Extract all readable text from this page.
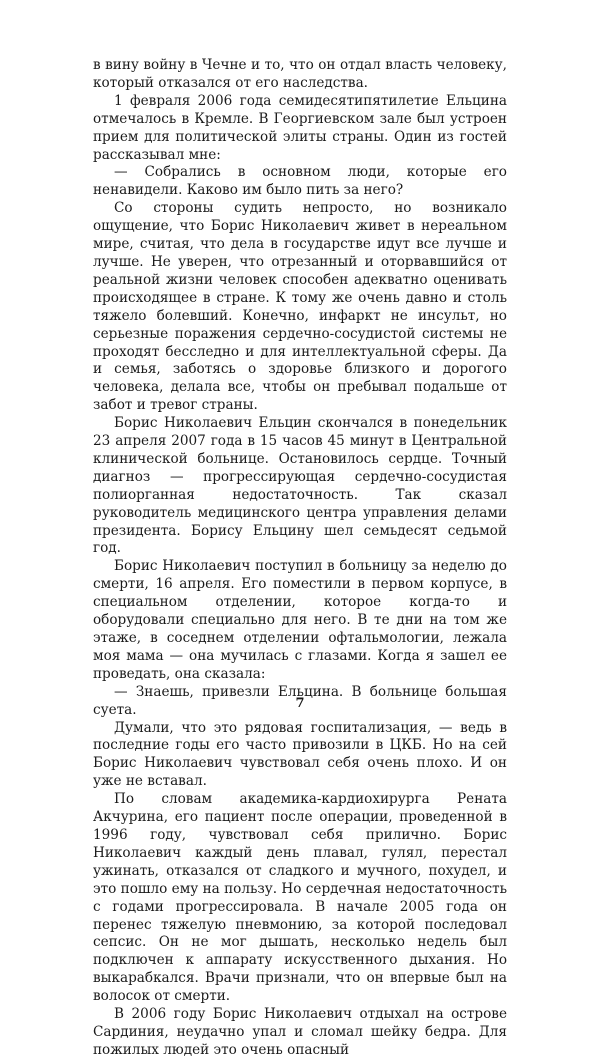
в вину войну в Чечне и то, что он отдал власть человеку, который отказался от его наследства.

1 февраля 2006 года семидесятипятилетие Ельцина отмечалось в Кремле. В Георгиевском зале был устроен прием для политической элиты страны. Один из гостей рассказывал мне:

— Собрались в основном люди, которые его ненавидели. Каково им было пить за него?

Со стороны судить непросто, но возникало ощущение, что Борис Николаевич живет в нереальном мире, считая, что дела в государстве идут все лучше и лучше. Не уверен, что отрезанный и оторвавшийся от реальной жизни человек способен адекватно оценивать происходящее в стране. К тому же очень давно и столь тяжело болевший. Конечно, инфаркт не инсульт, но серьезные поражения сердечно-сосудистой системы не проходят бесследно и для интеллектуальной сферы. Да и семья, заботясь о здоровье близкого и дорогого человека, делала все, чтобы он пребывал подальше от забот и тревог страны.

Борис Николаевич Ельцин скончался в понедельник 23 апреля 2007 года в 15 часов 45 минут в Центральной клинической больнице. Остановилось сердце. Точный диагноз — прогрессирующая сердечно-сосудистая полиорганная недостаточность. Так сказал руководитель медицинского центра управления делами президента. Борису Ельцину шел семьдесят седьмой год.

Борис Николаевич поступил в больницу за неделю до смерти, 16 апреля. Его поместили в первом корпусе, в специальном отделении, которое когда-то и оборудовали специально для него. В те дни на том же этаже, в соседнем отделении офтальмологии, лежала моя мама — она мучилась с глазами. Когда я зашел ее проведать, она сказала:

— Знаешь, привезли Ельцина. В больнице большая суета.

Думали, что это рядовая госпитализация, — ведь в последние годы его часто привозили в ЦКБ. Но на сей Борис Николаевич чувствовал себя очень плохо. И он уже не вставал.

По словам академика-кардиохирурга Рената Акчурина, его пациент после операции, проведенной в 1996 году, чувствовал себя прилично. Борис Николаевич каждый день плавал, гулял, перестал ужинать, отказался от сладкого и мучного, похудел, и это пошло ему на пользу. Но сердечная недостаточность с годами прогрессировала. В начале 2005 года он перенес тяжелую пневмонию, за которой последовал сепсис. Он не мог дышать, несколько недель был подключен к аппарату искусственного дыхания. Но выкарабкался. Врачи признали, что он впервые был на волосок от смерти.

В 2006 году Борис Николаевич отдыхал на острове Сардиния, неудачно упал и сломал шейку бедра. Для пожилых людей это очень опасный

7
